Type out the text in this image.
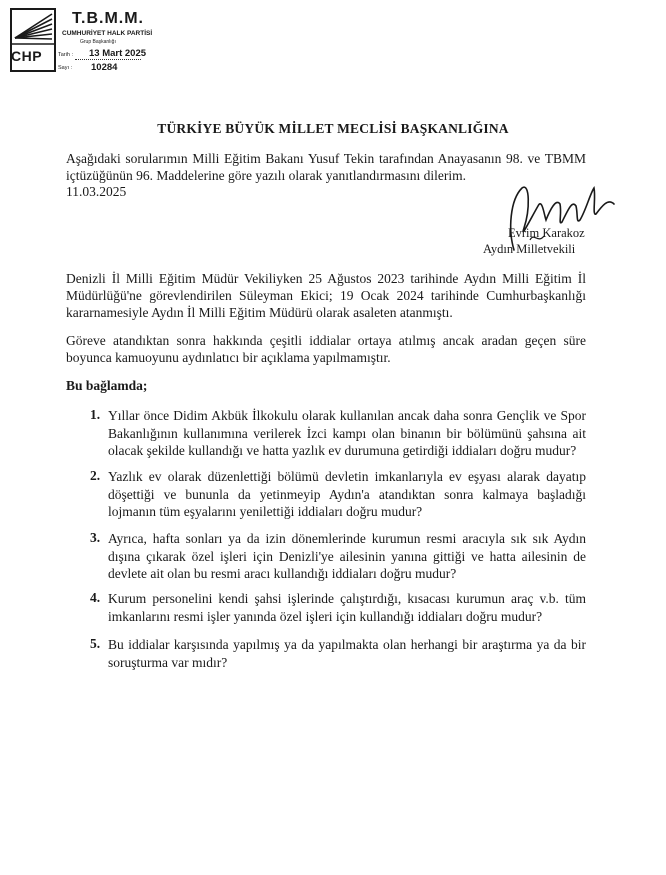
CHP
T.B.M.M.
CUMHURİYET HALK PARTİSİ
Grup Başkanlığı
Tarih : 13 Mart 2025
Sayı : 10284
TÜRKİYE BÜYÜK MİLLET MECLİSİ BAŞKANLIĞINA
Aşağıdaki sorularımın Milli Eğitim Bakanı Yusuf Tekin tarafından Anayasanın 98. ve TBMM içtüzüğünün 96. Maddelerine göre yazılı olarak yanıtlandırmasını dilerim.
11.03.2025
Evrim Karakoz
Aydın Milletvekili
Denizli İl Milli Eğitim Müdür Vekiliyken 25 Ağustos 2023 tarihinde Aydın Milli Eğitim İl Müdürlüğü'ne görevlendirilen Süleyman Ekici; 19 Ocak 2024 tarihinde Cumhurbaşkanlığı kararnamesiyle Aydın İl Milli Eğitim Müdürü olarak asaleten atanmıştı.
Göreve atandıktan sonra hakkında çeşitli iddialar ortaya atılmış ancak aradan geçen süre boyunca kamuoyunu aydınlatıcı bir açıklama yapılmamıştır.
Bu bağlamda;
1. Yıllar önce Didim Akbük İlkokulu olarak kullanılan ancak daha sonra Gençlik ve Spor Bakanlığının kullanımına verilerek İzci kampı olan binanın bir bölümünü şahsına ait olacak şekilde kullandığı ve hatta yazlık ev durumuna getirdiği iddiaları doğru mudur?
2. Yazlık ev olarak düzenlettiği bölümü devletin imkanlarıyla ev eşyası alarak dayatıp döşettiği ve bununla da yetinmeyip Aydın'a atandıktan sonra kalmaya başladığı lojmanın tüm eşyalarını yenilettiği iddiaları doğru mudur?
3. Ayrıca, hafta sonları ya da izin dönemlerinde kurumun resmi aracıyla sık sık Aydın dışına çıkarak özel işleri için Denizli'ye ailesinin yanına gittiği ve hatta ailesinin de devlete ait olan bu resmi aracı kullandığı iddiaları doğru mudur?
4. Kurum personelini kendi şahsi işlerinde çalıştırdığı, kısacası kurumun araç v.b. tüm imkanlarını resmi işler yanında özel işleri için kullandığı iddiaları doğru mudur?
5. Bu iddialar karşısında yapılmış ya da yapılmakta olan herhangi bir araştırma ya da bir soruşturma var mıdır?
